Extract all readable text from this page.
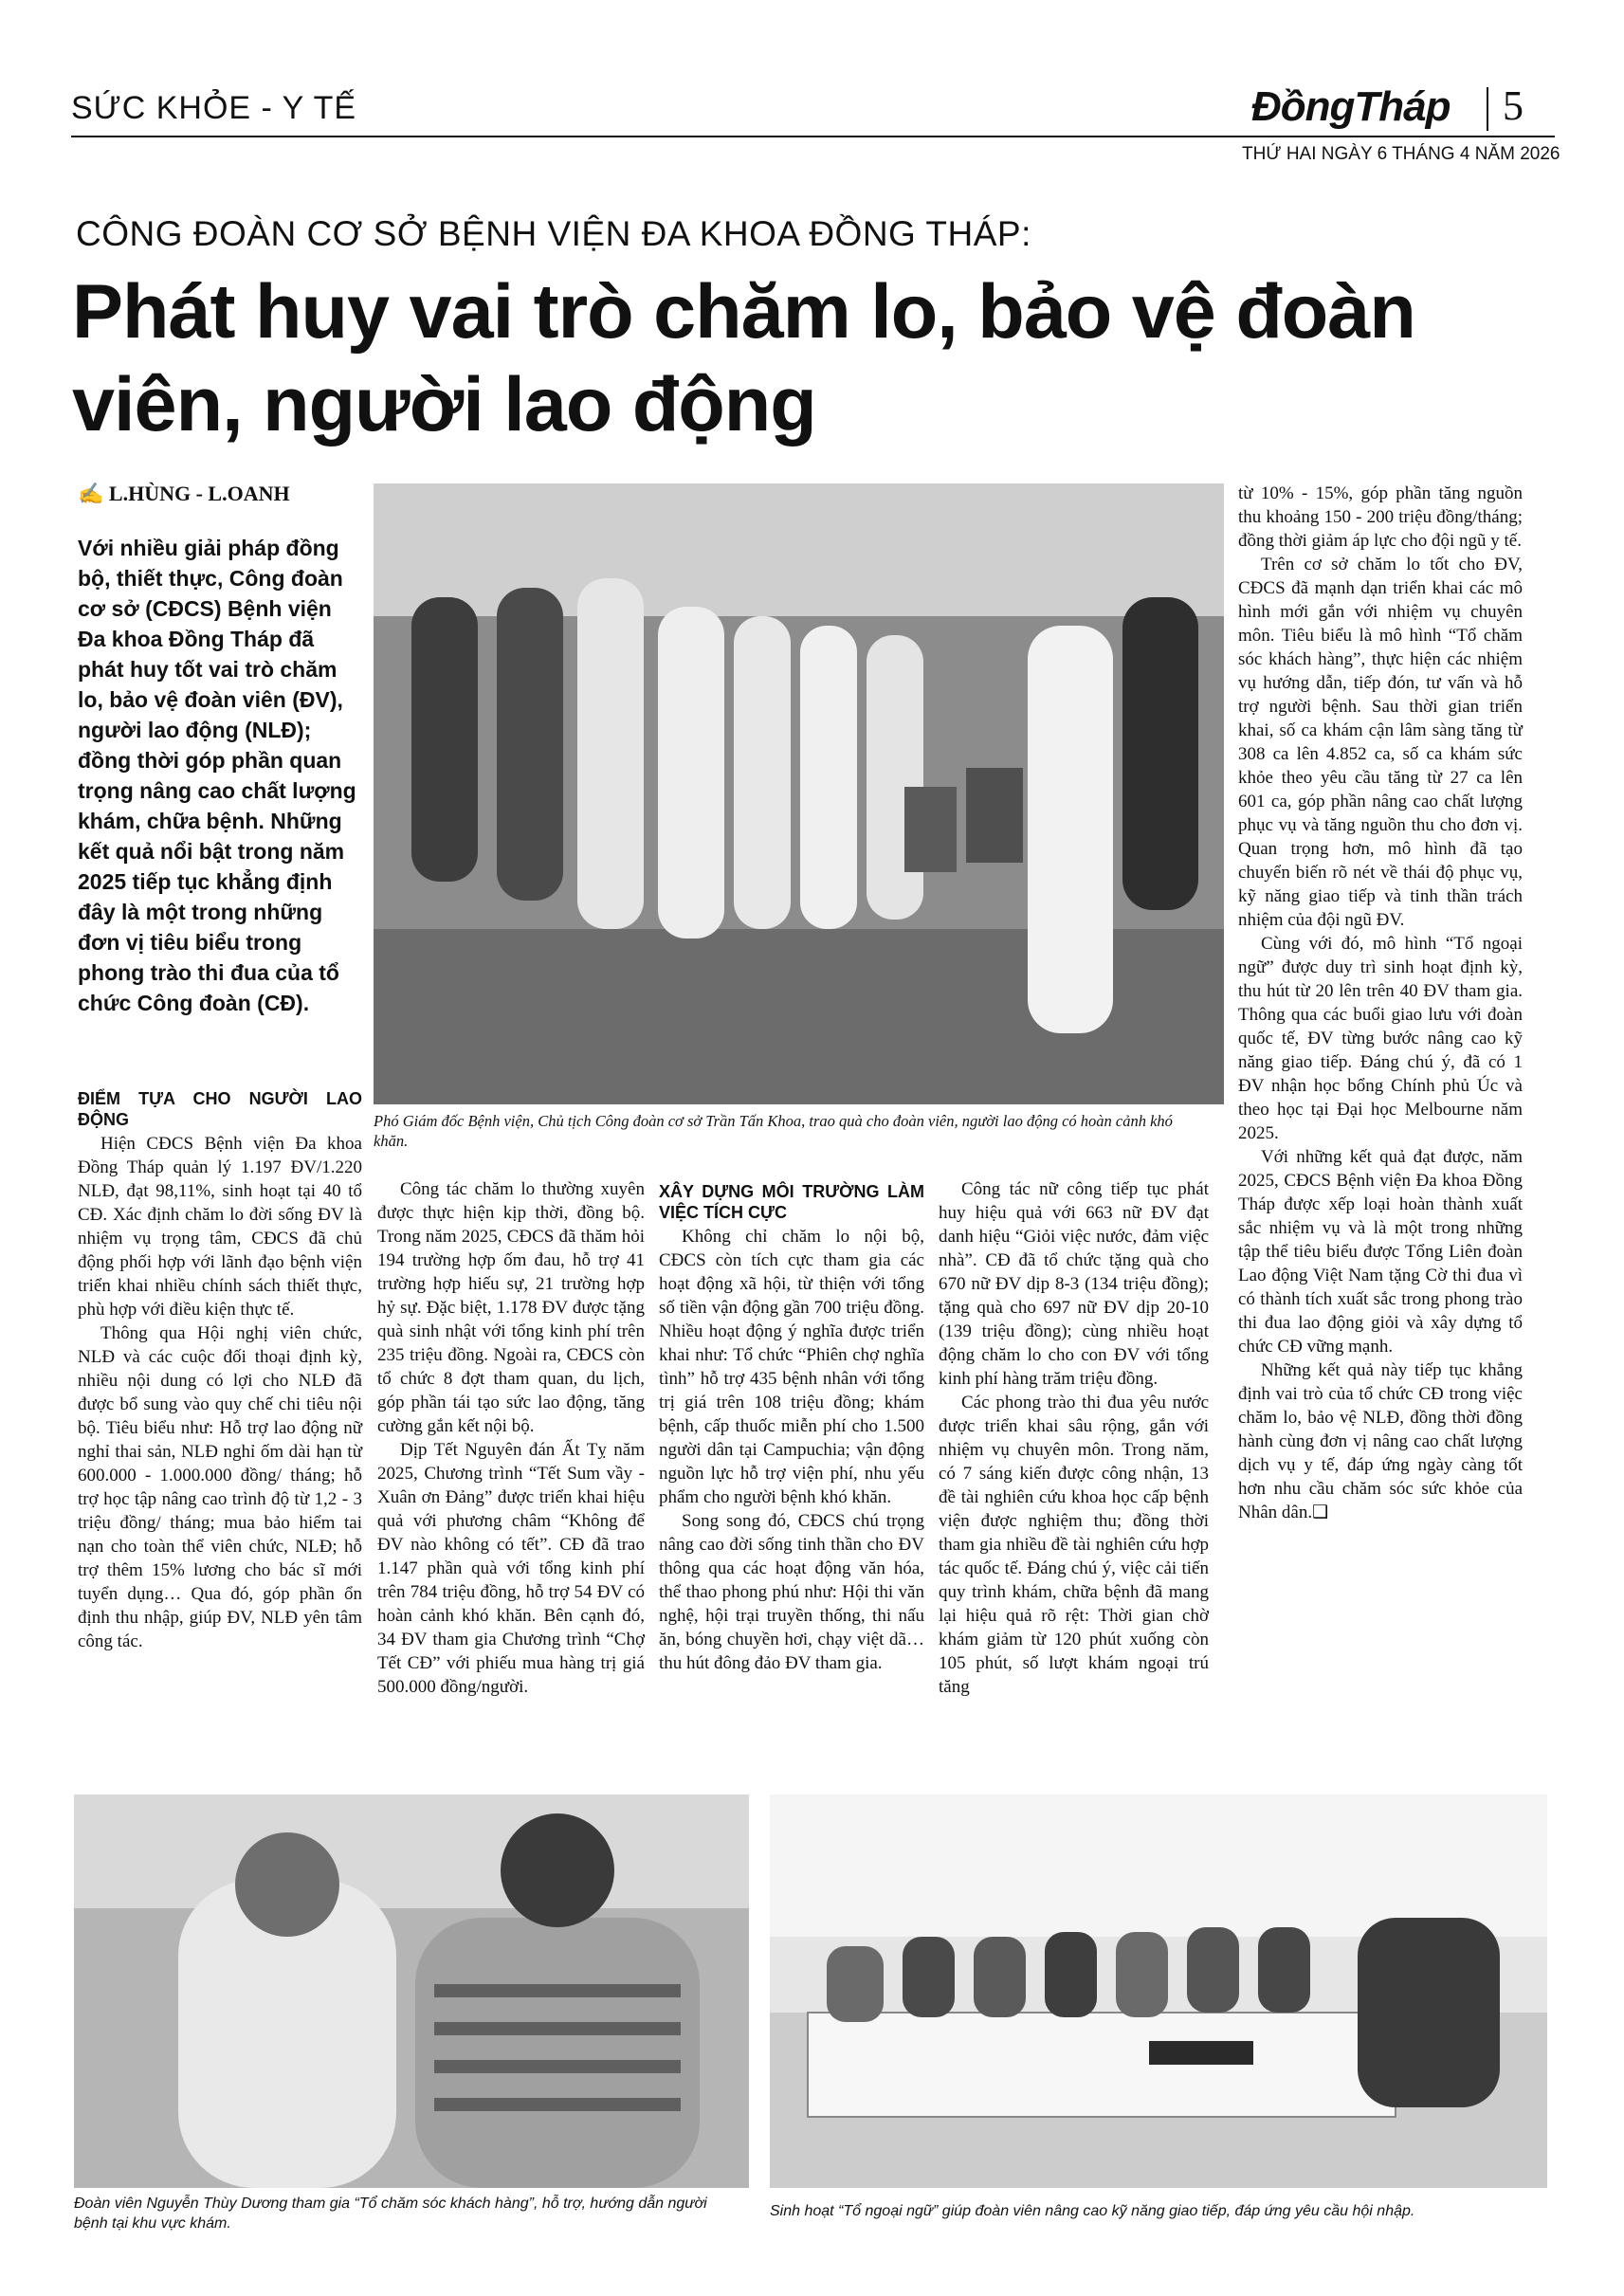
SỨC KHỎE - Y TẾ	ĐồngTháp 5
THỨ HAI NGÀY 6 THÁNG 4 NĂM 2026
CÔNG ĐOÀN CƠ SỞ BỆNH VIỆN ĐA KHOA ĐỒNG THÁP:
Phát huy vai trò chăm lo, bảo vệ đoàn viên, người lao động
✍ L.HÙNG - L.OANH
Với nhiều giải pháp đồng bộ, thiết thực, Công đoàn cơ sở (CĐCS) Bệnh viện Đa khoa Đồng Tháp đã phát huy tốt vai trò chăm lo, bảo vệ đoàn viên (ĐV), người lao động (NLĐ); đồng thời góp phần quan trọng nâng cao chất lượng khám, chữa bệnh. Những kết quả nổi bật trong năm 2025 tiếp tục khẳng định đây là một trong những đơn vị tiêu biểu trong phong trào thi đua của tổ chức Công đoàn (CĐ).
Phó Giám đốc Bệnh viện, Chủ tịch Công đoàn cơ sở Trần Tấn Khoa, trao quà cho đoàn viên, người lao động có hoàn cảnh khó khăn.
ĐIỂM TỰA CHO NGƯỜI LAO ĐỘNG

Hiện CĐCS Bệnh viện Đa khoa Đồng Tháp quản lý 1.197 ĐV/1.220 NLĐ, đạt 98,11%, sinh hoạt tại 40 tổ CĐ. Xác định chăm lo đời sống ĐV là nhiệm vụ trọng tâm, CĐCS đã chủ động phối hợp với lãnh đạo bệnh viện triển khai nhiều chính sách thiết thực, phù hợp với điều kiện thực tế.

Thông qua Hội nghị viên chức, NLĐ và các cuộc đối thoại định kỳ, nhiều nội dung có lợi cho NLĐ đã được bổ sung vào quy chế chi tiêu nội bộ. Tiêu biểu như: Hỗ trợ lao động nữ nghỉ thai sản, NLĐ nghỉ ốm dài hạn từ 600.000 - 1.000.000 đồng/ tháng; hỗ trợ học tập nâng cao trình độ từ 1,2 - 3 triệu đồng/ tháng; mua bảo hiểm tai nạn cho toàn thể viên chức, NLĐ; hỗ trợ thêm 15% lương cho bác sĩ mới tuyển dụng… Qua đó, góp phần ổn định thu nhập, giúp ĐV, NLĐ yên tâm công tác.

Công tác chăm lo thường xuyên được thực hiện kịp thời, đồng bộ. Trong năm 2025, CĐCS đã thăm hỏi 194 trường hợp ốm đau, hỗ trợ 41 trường hợp hiếu sự, 21 trường hợp hỷ sự. Đặc biệt, 1.178 ĐV được tặng quà sinh nhật với tổng kinh phí trên 235 triệu đồng. Ngoài ra, CĐCS còn tổ chức 8 đợt tham quan, du lịch, góp phần tái tạo sức lao động, tăng cường gắn kết nội bộ.

Dịp Tết Nguyên đán Ất Tỵ năm 2025, Chương trình “Tết Sum vầy - Xuân ơn Đảng” được triển khai hiệu quả với phương châm “Không để ĐV nào không có tết”. CĐ đã trao 1.147 phần quà với tổng kinh phí trên 784 triệu đồng, hỗ trợ 54 ĐV có hoàn cảnh khó khăn. Bên cạnh đó, 34 ĐV tham gia Chương trình “Chợ Tết CĐ” với phiếu mua hàng trị giá 500.000 đồng/người.

XÂY DỰNG MÔI TRƯỜNG LÀM VIỆC TÍCH CỰC

Không chỉ chăm lo nội bộ, CĐCS còn tích cực tham gia các hoạt động xã hội, từ thiện với tổng số tiền vận động gần 700 triệu đồng. Nhiều hoạt động ý nghĩa được triển khai như: Tổ chức “Phiên chợ nghĩa tình” hỗ trợ 435 bệnh nhân với tổng trị giá trên 108 triệu đồng; khám bệnh, cấp thuốc miễn phí cho 1.500 người dân tại Campuchia; vận động nguồn lực hỗ trợ viện phí, nhu yếu phẩm cho người bệnh khó khăn.

Song song đó, CĐCS chú trọng nâng cao đời sống tinh thần cho ĐV thông qua các hoạt động văn hóa, thể thao phong phú như: Hội thi văn nghệ, hội trại truyền thống, thi nấu ăn, bóng chuyền hơi, chạy việt dã… thu hút đông đảo ĐV tham gia.

Công tác nữ công tiếp tục phát huy hiệu quả với 663 nữ ĐV đạt danh hiệu “Giỏi việc nước, đảm việc nhà”. CĐ đã tổ chức tặng quà cho 670 nữ ĐV dịp 8-3 (134 triệu đồng); tặng quà cho 697 nữ ĐV dịp 20-10 (139 triệu đồng); cùng nhiều hoạt động chăm lo cho con ĐV với tổng kinh phí hàng trăm triệu đồng.

Các phong trào thi đua yêu nước được triển khai sâu rộng, gắn với nhiệm vụ chuyên môn. Trong năm, có 7 sáng kiến được công nhận, 13 đề tài nghiên cứu khoa học cấp bệnh viện được nghiệm thu; đồng thời tham gia nhiều đề tài nghiên cứu hợp tác quốc tế. Đáng chú ý, việc cải tiến quy trình khám, chữa bệnh đã mang lại hiệu quả rõ rệt: Thời gian chờ khám giảm từ 120 phút xuống còn 105 phút, số lượt khám ngoại trú tăng

từ 10% - 15%, góp phần tăng nguồn thu khoảng 150 - 200 triệu đồng/tháng; đồng thời giảm áp lực cho đội ngũ y tế.

Trên cơ sở chăm lo tốt cho ĐV, CĐCS đã mạnh dạn triển khai các mô hình mới gắn với nhiệm vụ chuyên môn. Tiêu biểu là mô hình “Tổ chăm sóc khách hàng”, thực hiện các nhiệm vụ hướng dẫn, tiếp đón, tư vấn và hỗ trợ người bệnh. Sau thời gian triển khai, số ca khám cận lâm sàng tăng từ 308 ca lên 4.852 ca, số ca khám sức khỏe theo yêu cầu tăng từ 27 ca lên 601 ca, góp phần nâng cao chất lượng phục vụ và tăng nguồn thu cho đơn vị. Quan trọng hơn, mô hình đã tạo chuyển biến rõ nét về thái độ phục vụ, kỹ năng giao tiếp và tinh thần trách nhiệm của đội ngũ ĐV.

Cùng với đó, mô hình “Tổ ngoại ngữ” được duy trì sinh hoạt định kỳ, thu hút từ 20 lên trên 40 ĐV tham gia. Thông qua các buổi giao lưu với đoàn quốc tế, ĐV từng bước nâng cao kỹ năng giao tiếp. Đáng chú ý, đã có 1 ĐV nhận học bổng Chính phủ Úc và theo học tại Đại học Melbourne năm 2025.

Với những kết quả đạt được, năm 2025, CĐCS Bệnh viện Đa khoa Đồng Tháp được xếp loại hoàn thành xuất sắc nhiệm vụ và là một trong những tập thể tiêu biểu được Tổng Liên đoàn Lao động Việt Nam tặng Cờ thi đua vì có thành tích xuất sắc trong phong trào thi đua lao động giỏi và xây dựng tổ chức CĐ vững mạnh.

Những kết quả này tiếp tục khẳng định vai trò của tổ chức CĐ trong việc chăm lo, bảo vệ NLĐ, đồng thời đồng hành cùng đơn vị nâng cao chất lượng dịch vụ y tế, đáp ứng ngày càng tốt hơn nhu cầu chăm sóc sức khỏe của Nhân dân.❑

Đoàn viên Nguyễn Thùy Dương tham gia “Tổ chăm sóc khách hàng”, hỗ trợ, hướng dẫn người bệnh tại khu vực khám.
Sinh hoạt “Tổ ngoại ngữ” giúp đoàn viên nâng cao kỹ năng giao tiếp, đáp ứng yêu cầu hội nhập.
